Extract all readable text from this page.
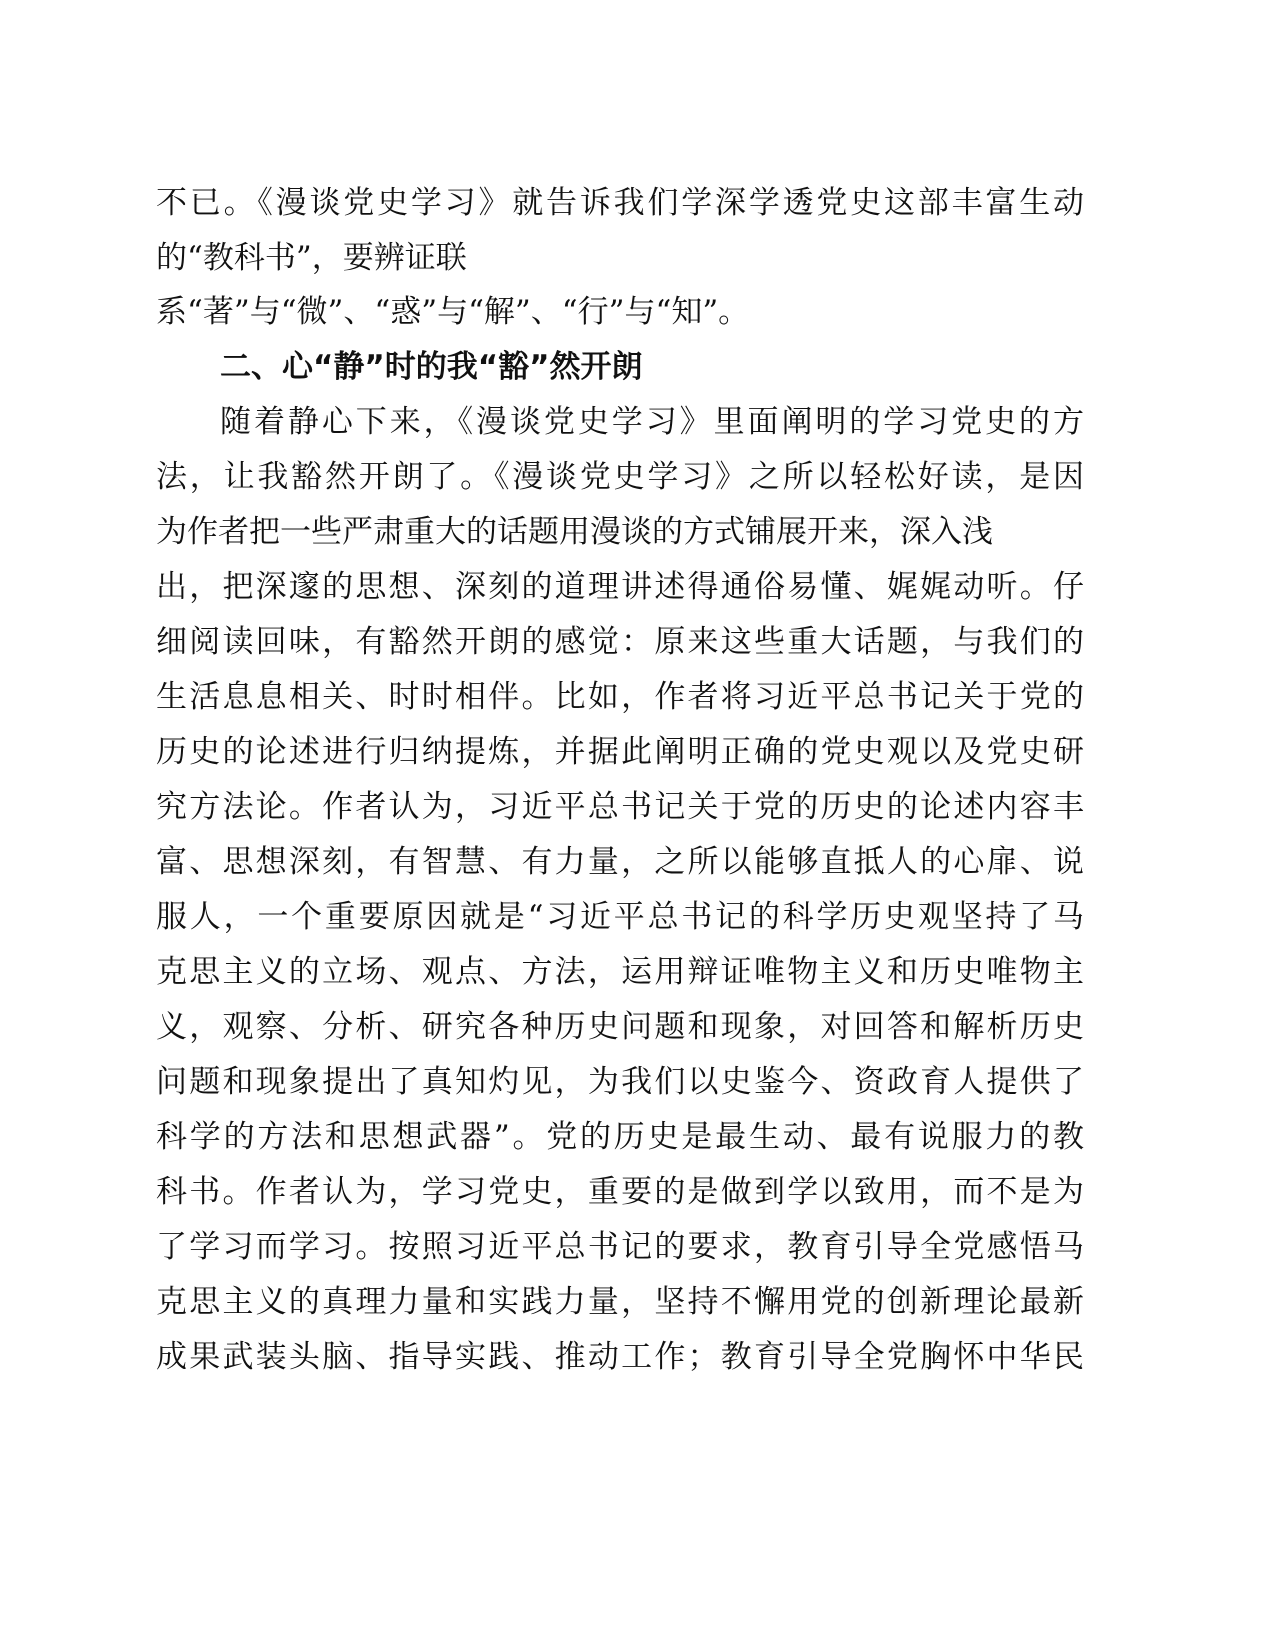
不已。《漫谈党史学习》就告诉我们学深学透党史这部丰富生动
的“教科书”，要辨证联
系“著”与“微”、“惑”与“解”、“行”与“知”。
二、心“静”时的我“豁”然开朗
随着静心下来，《漫谈党史学习》里面阐明的学习党史的方
法，让我豁然开朗了。《漫谈党史学习》之所以轻松好读，是因
为作者把一些严肃重大的话题用漫谈的方式铺展开来，深入浅
出，把深邃的思想、深刻的道理讲述得通俗易懂、娓娓动听。仔
细阅读回味，有豁然开朗的感觉：原来这些重大话题，与我们的
生活息息相关、时时相伴。比如，作者将习近平总书记关于党的
历史的论述进行归纳提炼，并据此阐明正确的党史观以及党史研
究方法论。作者认为，习近平总书记关于党的历史的论述内容丰
富、思想深刻，有智慧、有力量，之所以能够直抵人的心扉、说
服人，一个重要原因就是“习近平总书记的科学历史观坚持了马
克思主义的立场、观点、方法，运用辩证唯物主义和历史唯物主
义，观察、分析、研究各种历史问题和现象，对回答和解析历史
问题和现象提出了真知灼见，为我们以史鉴今、资政育人提供了
科学的方法和思想武器”。党的历史是最生动、最有说服力的教
科书。作者认为，学习党史，重要的是做到学以致用，而不是为
了学习而学习。按照习近平总书记的要求，教育引导全党感悟马
克思主义的真理力量和实践力量，坚持不懈用党的创新理论最新
成果武装头脑、指导实践、推动工作；教育引导全党胸怀中华民
